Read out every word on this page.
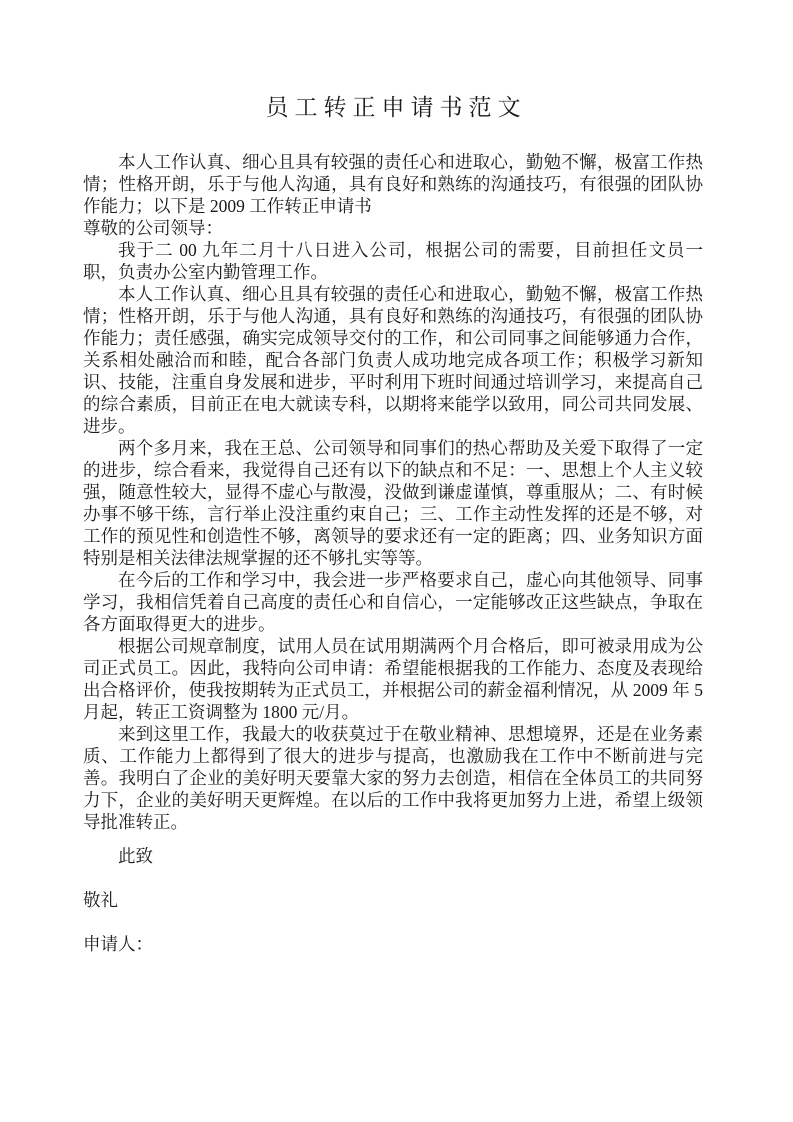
员工转正申请书范文

本人工作认真、细心且具有较强的责任心和进取心，勤勉不懈，极富工作热情；性格开朗，乐于与他人沟通，具有良好和熟练的沟通技巧，有很强的团队协作能力；以下是 2009 工作转正申请书

尊敬的公司领导：

我于二 00 九年二月十八日进入公司，根据公司的需要，目前担任文员一职，负责办公室内勤管理工作。

本人工作认真、细心且具有较强的责任心和进取心，勤勉不懈，极富工作热情；性格开朗，乐于与他人沟通，具有良好和熟练的沟通技巧，有很强的团队协作能力；责任感强，确实完成领导交付的工作，和公司同事之间能够通力合作，关系相处融洽而和睦，配合各部门负责人成功地完成各项工作；积极学习新知识、技能，注重自身发展和进步，平时利用下班时间通过培训学习，来提高自己的综合素质，目前正在电大就读专科，以期将来能学以致用，同公司共同发展、进步。

两个多月来，我在王总、公司领导和同事们的热心帮助及关爱下取得了一定的进步，综合看来，我觉得自己还有以下的缺点和不足：一、思想上个人主义较强，随意性较大，显得不虚心与散漫，没做到谦虚谨慎，尊重服从；二、有时候办事不够干练，言行举止没注重约束自己；三、工作主动性发挥的还是不够，对工作的预见性和创造性不够，离领导的要求还有一定的距离；四、业务知识方面特别是相关法律法规掌握的还不够扎实等等。

在今后的工作和学习中，我会进一步严格要求自己，虚心向其他领导、同事学习，我相信凭着自己高度的责任心和自信心，一定能够改正这些缺点，争取在各方面取得更大的进步。

根据公司规章制度，试用人员在试用期满两个月合格后，即可被录用成为公司正式员工。因此，我特向公司申请：希望能根据我的工作能力、态度及表现给出合格评价，使我按期转为正式员工，并根据公司的薪金福利情况，从 2009 年 5 月起，转正工资调整为 1800 元/月。

来到这里工作，我最大的收获莫过于在敬业精神、思想境界，还是在业务素质、工作能力上都得到了很大的进步与提高，也激励我在工作中不断前进与完善。我明白了企业的美好明天要靠大家的努力去创造，相信在全体员工的共同努力下，企业的美好明天更辉煌。在以后的工作中我将更加努力上进，希望上级领导批准转正。

此致

敬礼

申请人：
